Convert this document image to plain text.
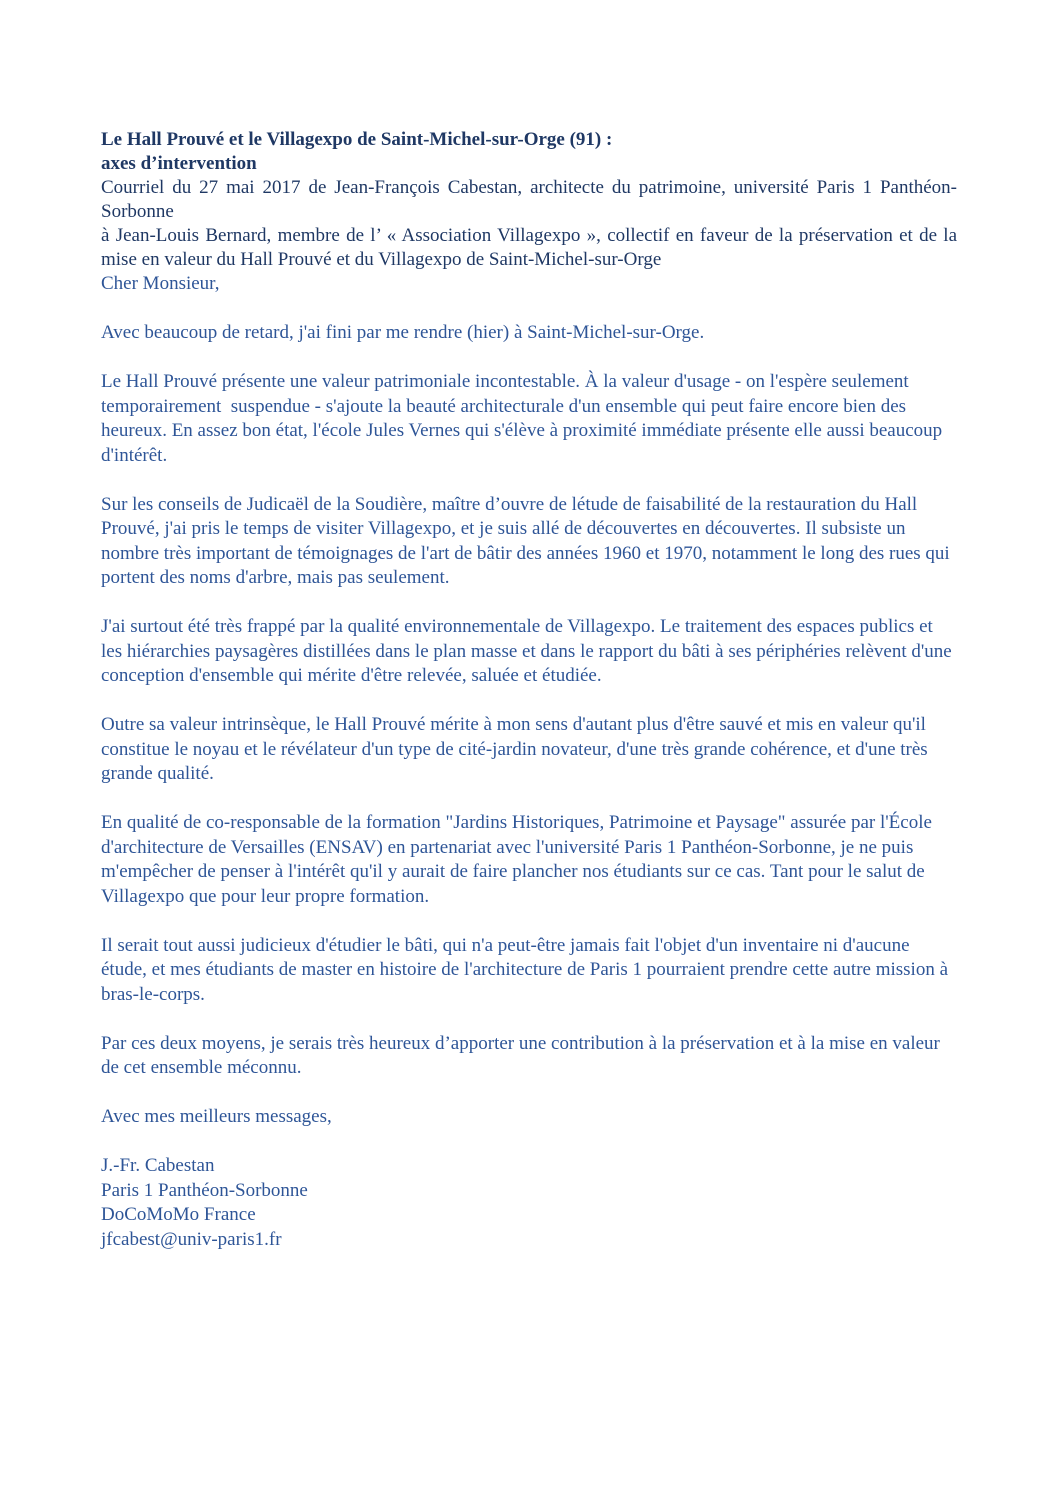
Le Hall Prouvé et le Villagexpo de Saint-Michel-sur-Orge (91) :
axes d’intervention
Courriel du 27 mai 2017 de Jean-François Cabestan, architecte du patrimoine, université Paris 1 Panthéon-Sorbonne
à Jean-Louis Bernard, membre de l’ « Association Villagexpo », collectif en faveur de la préservation et de la mise en valeur du Hall Prouvé et du Villagexpo de Saint-Michel-sur-Orge

Cher Monsieur,

Avec beaucoup de retard, j'ai fini par me rendre (hier) à Saint-Michel-sur-Orge.

Le Hall Prouvé présente une valeur patrimoniale incontestable. À la valeur d'usage - on l'espère seulement temporairement  suspendue - s'ajoute la beauté architecturale d'un ensemble qui peut faire encore bien des heureux. En assez bon état, l'école Jules Vernes qui s'élève à proximité immédiate présente elle aussi beaucoup d'intérêt.

Sur les conseils de Judicaël de la Soudière, maître d’ouvre de létude de faisabilité de la restauration du Hall Prouvé, j'ai pris le temps de visiter Villagexpo, et je suis allé de découvertes en découvertes. Il subsiste un nombre très important de témoignages de l'art de bâtir des années 1960 et 1970, notamment le long des rues qui portent des noms d'arbre, mais pas seulement.

J'ai surtout été très frappé par la qualité environnementale de Villagexpo. Le traitement des espaces publics et les hiérarchies paysagères distillées dans le plan masse et dans le rapport du bâti à ses périphéries relèvent d'une conception d'ensemble qui mérite d'être relevée, saluée et étudiée.

Outre sa valeur intrinsèque, le Hall Prouvé mérite à mon sens d'autant plus d'être sauvé et mis en valeur qu'il constitue le noyau et le révélateur d'un type de cité-jardin novateur, d'une très grande cohérence, et d'une très grande qualité.

En qualité de co-responsable de la formation "Jardins Historiques, Patrimoine et Paysage" assurée par l'École d'architecture de Versailles (ENSAV) en partenariat avec l'université Paris 1 Panthéon-Sorbonne, je ne puis m'empêcher de penser à l'intérêt qu'il y aurait de faire plancher nos étudiants sur ce cas. Tant pour le salut de Villagexpo que pour leur propre formation.

Il serait tout aussi judicieux d'étudier le bâti, qui n'a peut-être jamais fait l'objet d'un inventaire ni d'aucune étude, et mes étudiants de master en histoire de l'architecture de Paris 1 pourraient prendre cette autre mission à bras-le-corps.

Par ces deux moyens, je serais très heureux d’apporter une contribution à la préservation et à la mise en valeur de cet ensemble méconnu.

Avec mes meilleurs messages,

J.-Fr. Cabestan
Paris 1 Panthéon-Sorbonne
DoCoMoMo France
jfcabest@univ-paris1.fr
